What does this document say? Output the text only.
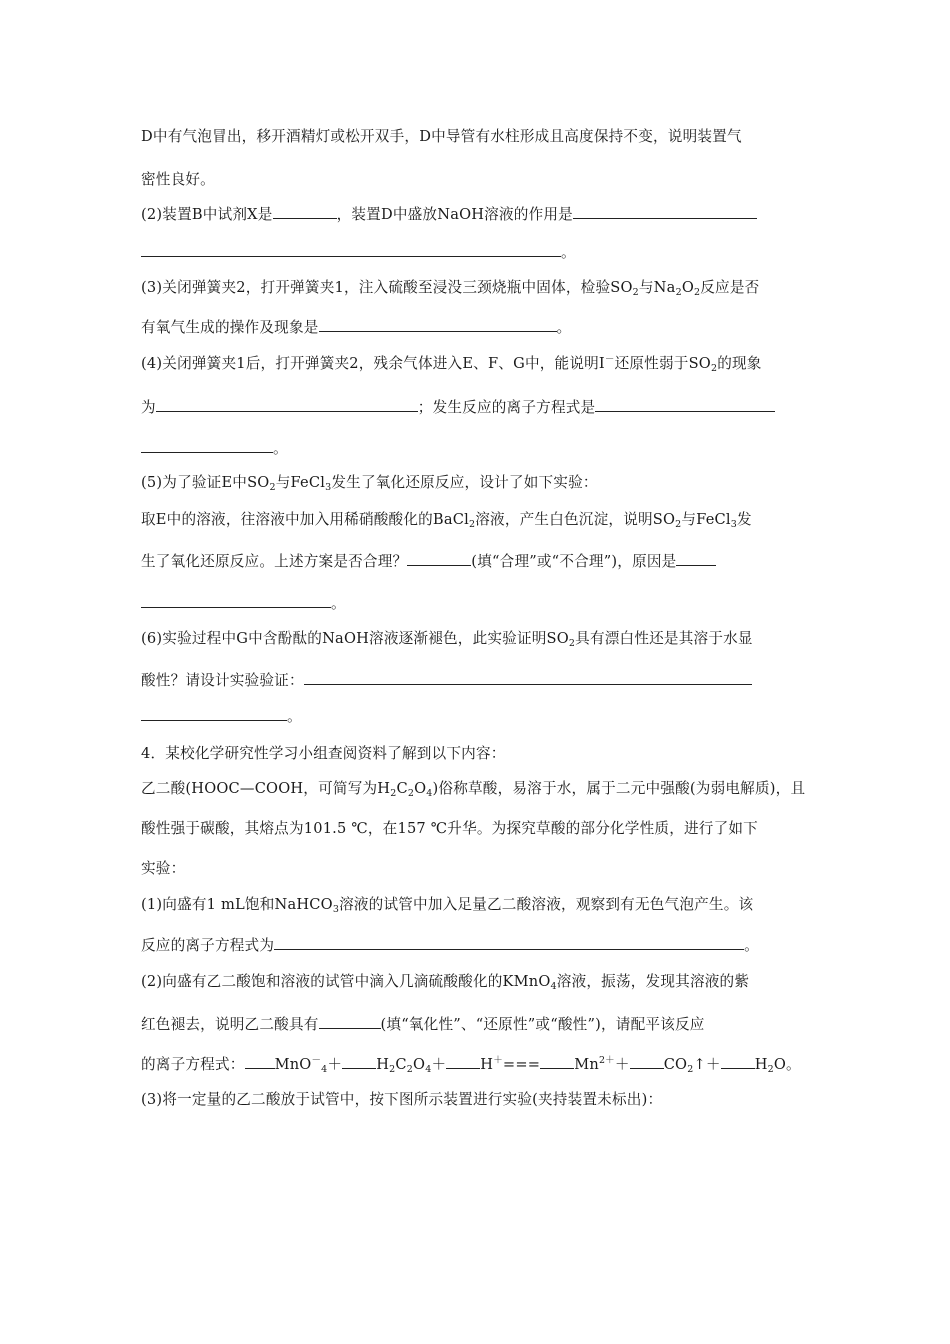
D中有气泡冒出，移开酒精灯或松开双手，D中导管有水柱形成且高度保持不变，说明装置气
密性良好。
(2)装置B中试剂X是	，装置D中盛放NaOH溶液的作用是
。
(3)关闭弹簧夹2，打开弹簧夹1，注入硫酸至浸没三颈烧瓶中固体，检验$SO_2$与$Na_2O_2$反应是否
有氧气生成的操作及现象是	。
(4)关闭弹簧夹1后，打开弹簧夹2，残余气体进入E、F、G中，能说明I－还原性弱于$SO_2$的现象
为	；发生反应的离子方程式是
。
(5)为了验证E中$SO_2$与FeCl$_3$发生了氧化还原反应，设计了如下实验：
取E中的溶液，往溶液中加入用稀硝酸酸化的BaCl$_2$溶液，产生白色沉淀，说明$SO_2$与FeCl$_3$发
生了氧化还原反应。上述方案是否合理？	(填“合理”或“不合理”)，原因是
。
(6)实验过程中G中含酚酞的NaOH溶液逐渐褪色，此实验证明$SO_2$具有漂白性还是其溶于水显
酸性？请设计实验验证：
。
4．某校化学研究性学习小组查阅资料了解到以下内容：
乙二酸(HOOC—COOH，可简写为$H_2C_2O_4$)俗称草酸，易溶于水，属于二元中强酸(为弱电解质)，且
酸性强于碳酸，其熔点为101.5 ℃，在157 ℃升华。为探究草酸的部分化学性质，进行了如下
实验：
(1)向盛有1 mL饱和NaHCO$_3$溶液的试管中加入足量乙二酸溶液，观察到有无色气泡产生。该
反应的离子方程式为	。
(2)向盛有乙二酸饱和溶液的试管中滴入几滴硫酸酸化的KMnO$_4$溶液，振荡，发现其溶液的紫
红色褪去，说明乙二酸具有	(填“氧化性”、“还原性”或“酸性”)，请配平该反应
的离子方程式： $MnO^-_4+ H_2C_2O_4+ H^+=== Mn^{2+}+$ $CO_2↑+ H_2O$。
(3)将一定量的乙二酸放于试管中，按下图所示装置进行实验(夹持装置未标出)：
